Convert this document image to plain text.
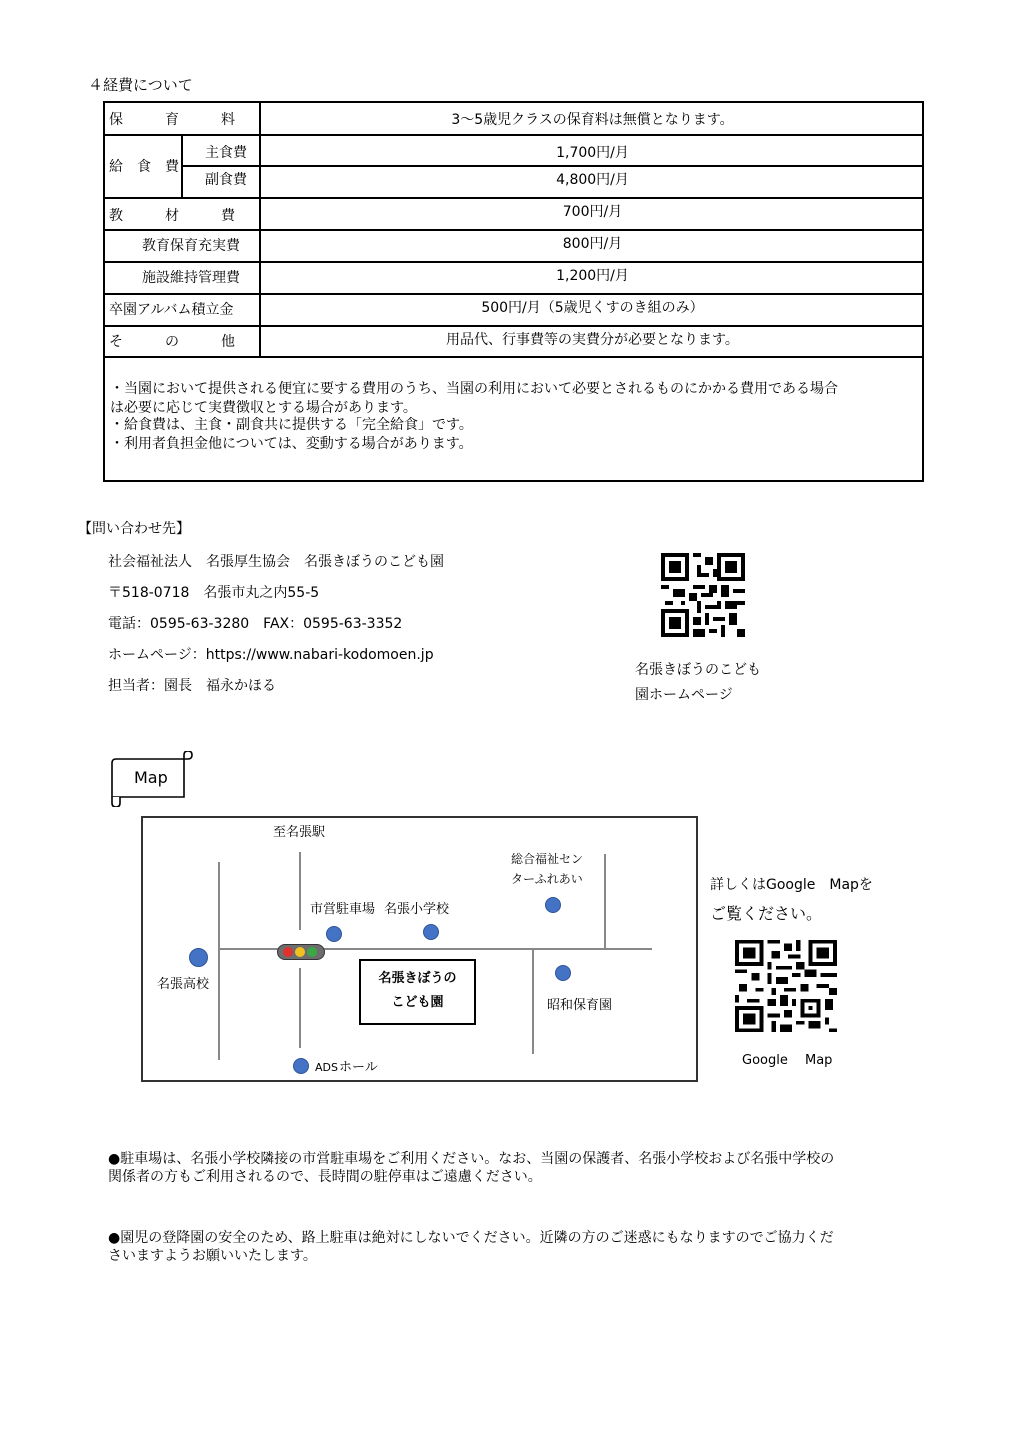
４経費について
保　　　育　　　料	3～5歳児クラスの保育料は無償となります。
給　食　費
主食費	1,700円/月
副食費	4,800円/月
教　　　材　　　費	700円/月
教育保育充実費	800円/月
施設維持管理費	1,200円/月
卒園アルバム積立金	500円/月（5歳児くすのき組のみ）
そ　　　の　　　他	用品代、行事費等の実費分が必要となります。
・当園において提供される便宜に要する費用のうち、当園の利用において必要とされるものにかかる費用である場合
は必要に応じて実費徴収とする場合があります。
・給食費は、主食・副食共に提供する「完全給食」です。
・利用者負担金他については、変動する場合があります。
【問い合わせ先】
社会福祉法人　名張厚生協会　名張きぼうのこども園
〒518-0718　名張市丸之内55-5
電話：0595-63-3280　FAX：0595-63-3352
ホームページ：https://www.nabari-kodomoen.jp
担当者：園長　福永かほる
名張きぼうのこども
園ホームページ
Map
名張きぼうの
こども園
至名張駅
総合福祉セン
ターふれあい
市営駐車場 名張小学校
名張高校
昭和保育園
ADS ホール
詳しくはGoogle　Mapを
ご覧ください。
Google　 Map
●駐車場は、名張小学校隣接の市営駐車場をご利用ください。なお、当園の保護者、名張小学校および名張中学校の
関係者の方もご利用されるので、長時間の駐停車はご遠慮ください。
●園児の登降園の安全のため、路上駐車は絶対にしないでください。近隣の方のご迷惑にもなりますのでご協力くだ
さいますようお願いいたします。
